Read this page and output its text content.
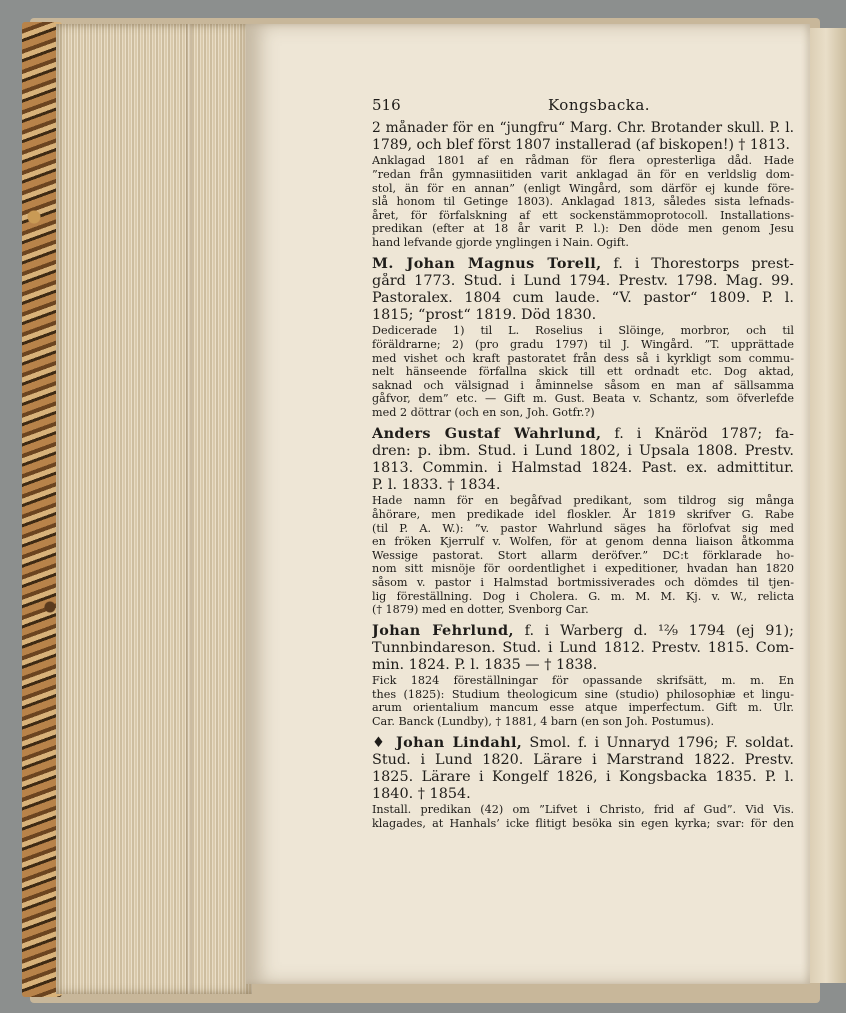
516	Kongsbacka.
2 månader för en “jungfru“ Marg. Chr. Brotander skull. P. l.
1789, och blef först 1807 installerad (af biskopen!) † 1813.
Anklagad 1801 af en rådman för flera opresterliga dåd. Hade
”redan från gymnasiitiden varit anklagad än för en verldslig dom-
stol, än för en annan” (enligt Wingård, som därför ej kunde före-
slå honom til Getinge 1803). Anklagad 1813, således sista lefnads-
året, för förfalskning af ett sockenstämmoprotocoll. Installations-
predikan (efter at 18 år varit P. l.): Den döde men genom Jesu
hand lefvande gjorde ynglingen i Nain. Ogift.
M. Johan Magnus Torell, f. i Thorestorps prest-
gård 1773. Stud. i Lund 1794. Prestv. 1798. Mag. 99.
Pastoralex. 1804 cum laude. “V. pastor“ 1809. P. l.
1815; “prost“ 1819. Död 1830.
Dedicerade 1) til L. Roselius i Slöinge, morbror, och til
föräldrarne; 2) (pro gradu 1797) til J. Wingård. ”T. upprättade
med vishet och kraft pastoratet från dess så i kyrkligt som commu-
nelt hänseende förfallna skick till ett ordnadt etc. Dog aktad,
saknad och välsignad i åminnelse såsom en man af sällsamma
gåfvor, dem” etc. — Gift m. Gust. Beata v. Schantz, som öfverlefde
med 2 döttrar (och en son, Joh. Gotfr.?)
Anders Gustaf Wahrlund, f. i Knäröd 1787; fa-
dren: p. ibm. Stud. i Lund 1802, i Upsala 1808. Prestv.
1813. Commin. i Halmstad 1824. Past. ex. admittitur.
P. l. 1833. † 1834.
Hade namn för en begåfvad predikant, som tildrog sig många
åhörare, men predikade idel floskler. År 1819 skrifver G. Rabe
(til P. A. W.): ”v. pastor Wahrlund säges ha förlofvat sig med
en fröken Kjerrulf v. Wolfen, för at genom denna liaison åtkomma
Wessige pastorat. Stort allarm deröfver.” DC:t förklarade ho-
nom sitt misnöje för oordentlighet i expeditioner, hvadan han 1820
såsom v. pastor i Halmstad bortmissiverades och dömdes til tjen-
lig föreställning. Dog i Cholera. G. m. M. M. Kj. v. W., relicta
(† 1879) med en dotter, Svenborg Car.
Johan Fehrlund, f. i Warberg d. ¹²⁄₉ 1794 (ej 91);
Tunnbindareson. Stud. i Lund 1812. Prestv. 1815. Com-
min. 1824. P. l. 1835 — † 1838.
Fick 1824 föreställningar för opassande skrifsätt, m. m. En
thes (1825): Studium theologicum sine (studio) philosophiæ et lingu-
arum orientalium mancum esse atque imperfectum. Gift m. Ulr.
Car. Banck (Lundby), † 1881, 4 barn (en son Joh. Postumus).
♦ Johan Lindahl, Smol. f. i Unnaryd 1796; F. soldat.
Stud. i Lund 1820. Lärare i Marstrand 1822. Prestv.
1825. Lärare i Kongelf 1826, i Kongsbacka 1835. P. l.
1840. † 1854.
Install. predikan (42) om ”Lifvet i Christo, frid af Gud”. Vid Vis.
klagades, at Hanhals’ icke flitigt besöka sin egen kyrka; svar: för den
